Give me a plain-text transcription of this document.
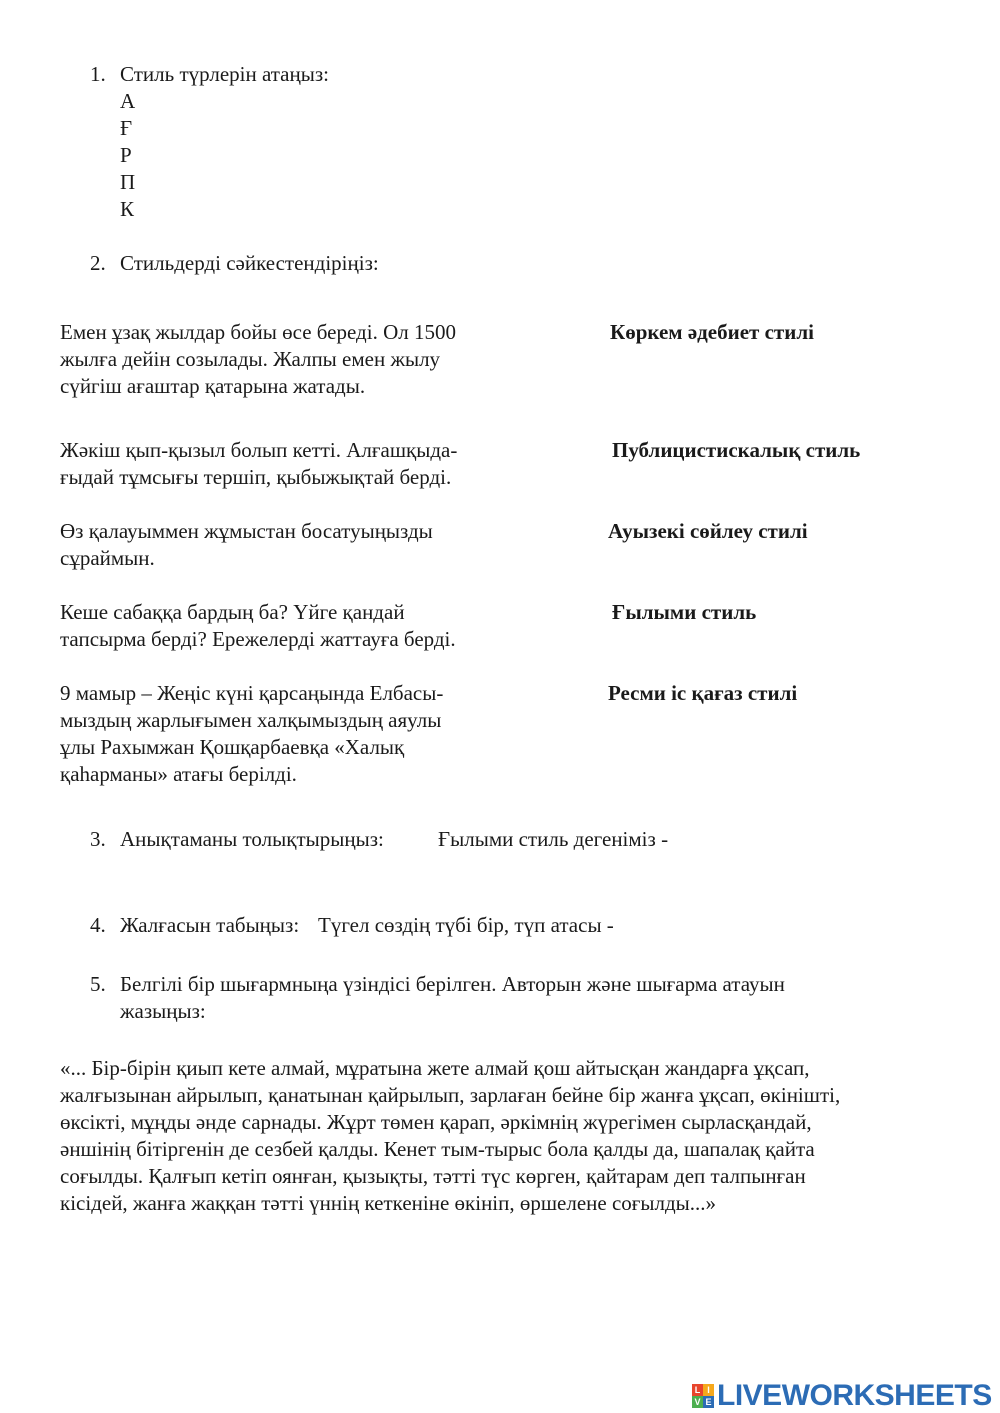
1. Стиль түрлерін атаңыз:
А
Ғ
Р
П
К
2. Стильдерді сәйкестендіріңіз:
Емен ұзақ жылдар бойы өсе береді. Ол 1500
жылға дейін созылады. Жалпы емен жылу
сүйгіш ағаштар қатарына жатады.
Жәкіш қып-қызыл болып кетті. Алғашқыда-
ғыдай тұмсығы тершіп, қыбыжықтай берді.
Өз қалауыммен жұмыстан босатуыңызды
сұраймын.
Кеше сабаққа бардың ба? Үйге қандай
тапсырма берді? Ережелерді жаттауға берді.
9 мамыр – Жеңіс күні қарсаңында Елбасы-
мыздың жарлығымен халқымыздың аяулы
ұлы Рахымжан Қошқарбаевқа «Халық
қаһарманы» атағы берілді.
Көркем әдебиет стилі
Публицистискалық стиль
Ауызекі сөйлеу стилі
Ғылыми стиль
Ресми іс қағаз стилі
3. Анықтаманы толықтырыңыз:	Ғылыми стиль дегеніміз -
4. Жалғасын табыңыз: Түгел сөздің түбі бір, түп атасы -
5. Белгілі бір шығармныңа үзіндісі берілген. Авторын және шығарма атауын
жазыңыз:

«... Бір-бірін қиып кете алмай, мұратына жете алмай қош айтысқан жандарға ұқсап,

жалғызынан айрылып, қанатынан қайрылып, зарлаған бейне бір жанға ұқсап, өкінішті,

өксікті, мұңды әнде сарнады. Жұрт төмен қарап, әркімнің жүрегімен сырласқандай,

әншінің бітіргенін де сезбей қалды. Кенет тым-тырыс бола қалды да, шапалақ қайта

соғылды. Қалғып кетіп оянған, қызықты, тәтті түс көрген, қайтарам деп талпынған

кісідей, жанға жаққан тәтті үннің кеткеніне өкініп, өршелене соғылды...»

L I
V E LIVEWORKSHEETS
